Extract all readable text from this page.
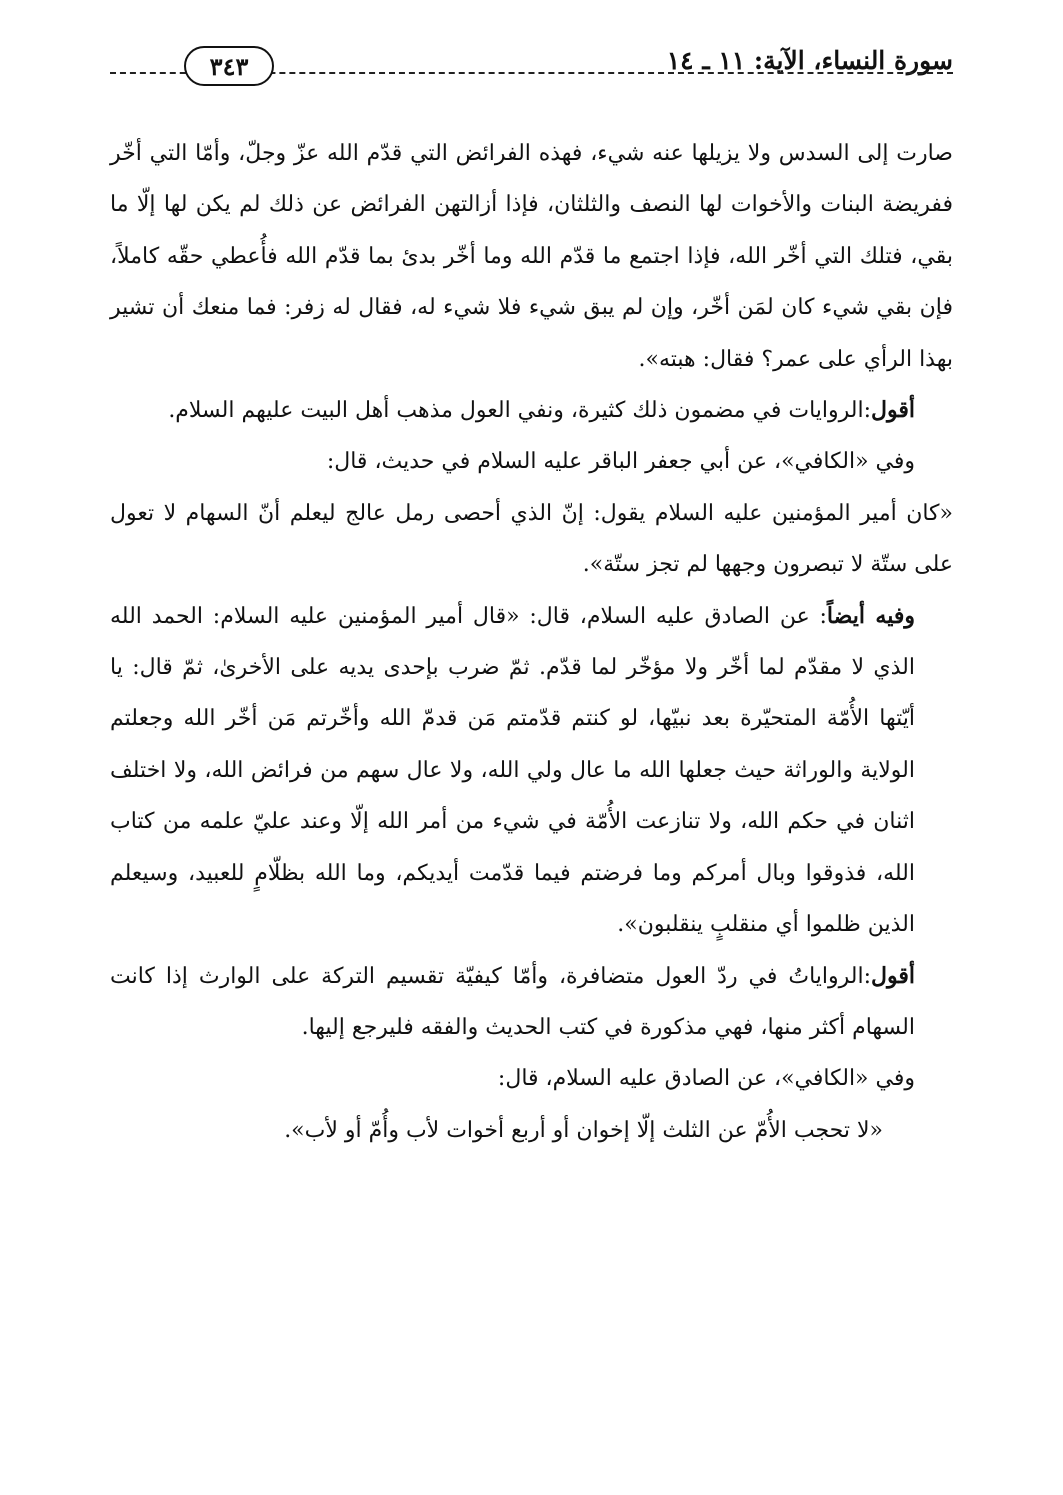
سورة النساء، الآية: ١١ ـ ١٤
٣٤٣

صارت إلى السدس ولا يزيلها عنه شيء، فهذه الفرائض التي قدّم الله عزّ وجلّ، وأمّا التي أخّر ففريضة البنات والأخوات لها النصف والثلثان، فإذا أزالتهن الفرائض عن ذلك لم يكن لها إلّا ما بقي، فتلك التي أخّر الله، فإذا اجتمع ما قدّم الله وما أخّر بدئ بما قدّم الله فأُعطي حقّه كاملاً، فإن بقي شيء كان لمَن أخّر، وإن لم يبق شيء فلا شيء له، فقال له زفر: فما منعك أن تشير بهذا الرأي على عمر؟ فقال: هبته».

أقول:الروايات في مضمون ذلك كثيرة، ونفي العول مذهب أهل البيت عليهم السلام.

وفي «الكافي»، عن أبي جعفر الباقر عليه السلام في حديث، قال:

«كان أمير المؤمنين عليه السلام يقول: إنّ الذي أحصى رمل عالج ليعلم أنّ السهام لا تعول على ستّة لا تبصرون وجهها لم تجز ستّة».

وفيه أيضاً: عن الصادق عليه السلام، قال: «قال أمير المؤمنين عليه السلام: الحمد الله الذي لا مقدّم لما أخّر ولا مؤخّر لما قدّم. ثمّ ضرب بإحدى يديه على الأخرىٰ، ثمّ قال: يا أيّتها الأُمّة المتحيّرة بعد نبيّها، لو كنتم قدّمتم مَن قدمّ الله وأخّرتم مَن أخّر الله وجعلتم الولاية والوراثة حيث جعلها الله ما عال ولي الله، ولا عال سهم من فرائض الله، ولا اختلف اثنان في حكم الله، ولا تنازعت الأُمّة في شيء من أمر الله إلّا وعند عليّ علمه من كتاب الله، فذوقوا وبال أمركم وما فرضتم فيما قدّمت أيديكم، وما الله بظلّامٍ للعبيد، وسيعلم الذين ظلموا أي منقلبٍ ينقلبون».

أقول:الرواياتُ في ردّ العول متضافرة، وأمّا كيفيّة تقسيم التركة على الوارث إذا كانت السهام أكثر منها، فهي مذكورة في كتب الحديث والفقه فليرجع إليها.

وفي «الكافي»، عن الصادق عليه السلام، قال:

«لا تحجب الأُمّ عن الثلث إلّا إخوان أو أربع أخوات لأب وأُمّ أو لأب».
